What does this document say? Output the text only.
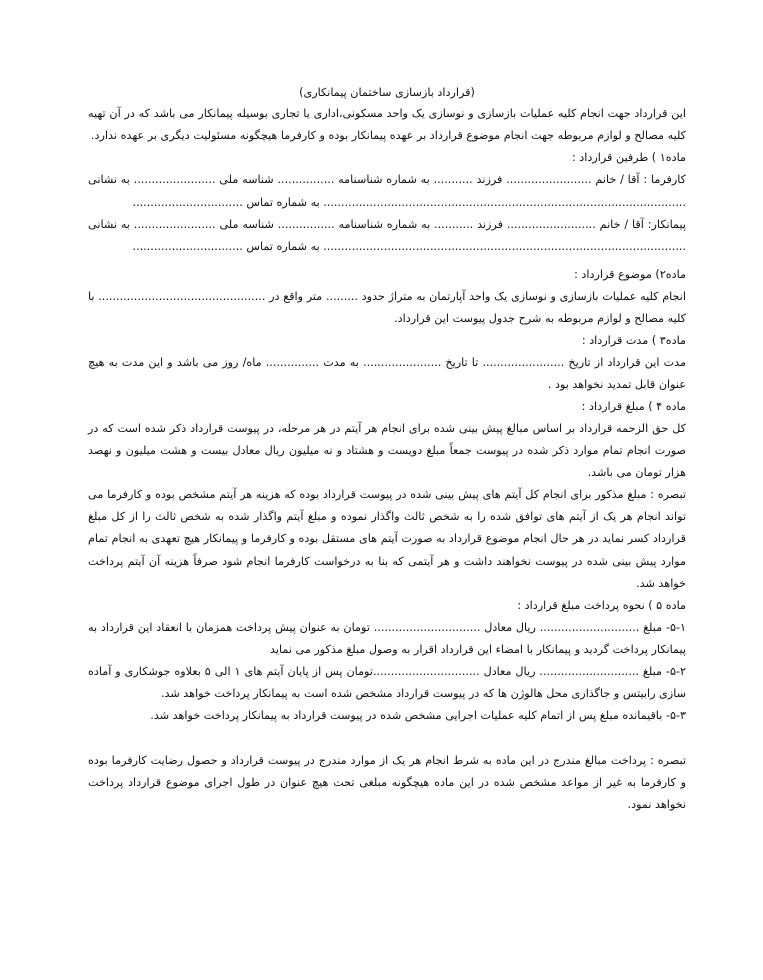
(قرارداد بازسازی ساختمان پیمانکاری)

این قرارداد جهت انجام کلیه عملیات بازسازی و نوسازی یک واحد مسکونی،اداری یا تجاری بوسیله پیمانکار می باشد که در آن تهیه کلیه مصالح و لوازم مربوطه جهت انجام موضوع قرارداد بر عهده پیمانکار بوده و کارفرما هیچگونه مسئولیت دیگری بر عهده ندارد.

ماده۱ ) طرفین قرارداد :

کارفرما : آقا / خانم ........................ فرزند ........... به شماره شناسنامه ................ شناسه ملی ....................... به نشانی ...................................................................................................... به شماره تماس ...............................

پیمانکار: آقا / خانم ......................... فرزند ........... به شماره شناسنامه ................ شناسه ملی ....................... به نشانی ...................................................................................................... به شماره تماس ...............................

ماده۲) موضوع قرارداد :

انجام کلیه عملیات بازسازی و نوسازی یک واحد آپارتمان به متراژ حدود ......... متر واقع در ............................................... با کلیه مصالح و لوازم مربوطه به شرح جدول پیوست این قرارداد.

ماده۳ ) مدت قرارداد :

مدت این قرارداد از تاریخ ....................... تا تاریخ ...................... به مدت ............... ماه/ روز می باشد و این مدت به هیچ عنوان قابل تمدید نخواهد بود .

ماده ۴ ) مبلغ قرارداد :

کل حق الزحمه قرارداد بر اساس مبالغ پیش بینی شده برای انجام هر آیتم در هر مرحله، در پیوست قرارداد ذکر شده است که در صورت انجام تمام موارد ذکر شده در پیوست جمعاً مبلغ دویست و هشتاد و نه میلیون ریال معادل بیست و هشت میلیون و نهصد هزار تومان می باشد.

تبصره : مبلغ مذکور برای انجام کل آیتم های پیش بینی شده در پیوست قرارداد بوده که هزینه هر آیتم مشخص بوده و کارفرما می تواند انجام هر یک از آیتم های توافق شده را به شخص ثالث واگذار نموده و مبلغ آیتم واگذار شده به شخص ثالث را از کل مبلغ قرارداد کسر نماید در هر حال انجام موضوع قرارداد به صورت آیتم های مستقل بوده و کارفرما و پیمانکار هیچ تعهدی به انجام تمام موارد پیش بینی شده در پیوست نخواهند داشت و هر آیتمی که بنا به درخواست کارفرما انجام شود صرفاً هزینه آن آیتم پرداخت خواهد شد.

ماده ۵ ) نحوه پرداخت مبلغ قرارداد :

۵-۱- مبلغ ............................ ریال معادل .............................. تومان به عنوان پیش پرداخت همزمان با انعقاد این قرارداد به پیمانکار پرداخت گردید و پیمانکار با امضاء این قرارداد اقرار به وصول مبلغ مذکور می نماید

۵-۲- مبلغ ............................ ریال معادل ..............................تومان پس از پایان آیتم های ۱ الی ۵ بعلاوه جوشکاری و آماده سازی رابیتس و جاگذاری محل هالوژن ها که در پیوست قرارداد مشخص شده است به پیمانکار پرداخت خواهد شد.

۵-۳- باقیمانده مبلغ پس از اتمام کلیه عملیات اجرایی مشخص شده در پیوست قرارداد به پیمانکار پرداخت خواهد شد.

تبصره : پرداخت مبالغ مندرج در این ماده به شرط انجام هر یک از موارد مندرج در پیوست قرارداد و حصول رضایت کارفرما بوده و کارفرما به غیر از مواعد مشخص شده در این ماده هیچگونه مبلغی تحت هیچ عنوان در طول اجرای موضوع قرارداد پرداخت نخواهد نمود.
